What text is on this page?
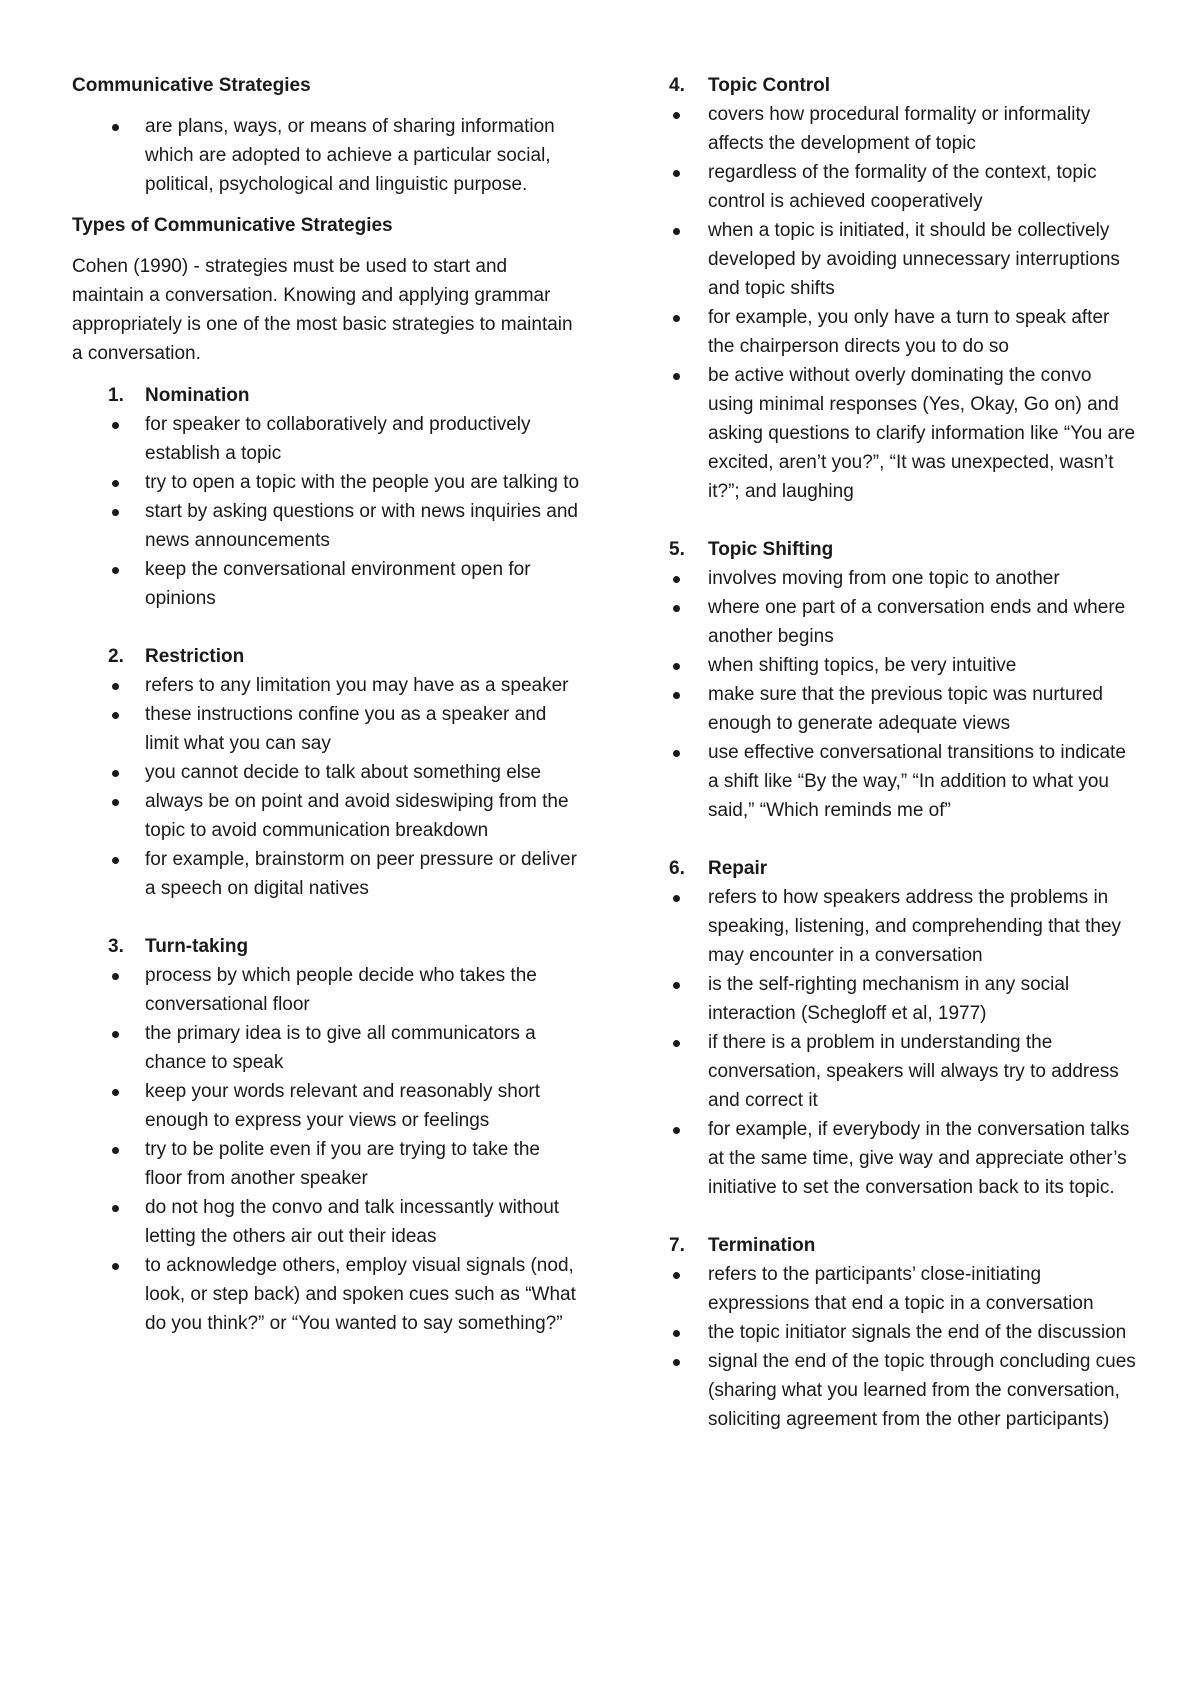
Communicative Strategies
are plans, ways, or means of sharing information which are adopted to achieve a particular social, political, psychological and linguistic purpose.
Types of Communicative Strategies
Cohen (1990) - strategies must be used to start and maintain a conversation. Knowing and applying grammar appropriately is one of the most basic strategies to maintain a conversation.
1. Nomination
for speaker to collaboratively and productively establish a topic
try to open a topic with the people you are talking to
start by asking questions or with news inquiries and news announcements
keep the conversational environment open for opinions
2. Restriction
refers to any limitation you may have as a speaker
these instructions confine you as a speaker and limit what you can say
you cannot decide to talk about something else
always be on point and avoid sideswiping from the topic to avoid communication breakdown
for example, brainstorm on peer pressure or deliver a speech on digital natives
3. Turn-taking
process by which people decide who takes the conversational floor
the primary idea is to give all communicators a chance to speak
keep your words relevant and reasonably short enough to express your views or feelings
try to be polite even if you are trying to take the floor from another speaker
do not hog the convo and talk incessantly without letting the others air out their ideas
to acknowledge others, employ visual signals (nod, look, or step back) and spoken cues such as “What do you think?” or “You wanted to say something?”
4. Topic Control
covers how procedural formality or informality affects the development of topic
regardless of the formality of the context, topic control is achieved cooperatively
when a topic is initiated, it should be collectively developed by avoiding unnecessary interruptions and topic shifts
for example, you only have a turn to speak after the chairperson directs you to do so
be active without overly dominating the convo using minimal responses (Yes, Okay, Go on) and asking questions to clarify information like “You are excited, aren’t you?”, “It was unexpected, wasn’t it?”; and laughing
5. Topic Shifting
involves moving from one topic to another
where one part of a conversation ends and where another begins
when shifting topics, be very intuitive
make sure that the previous topic was nurtured enough to generate adequate views
use effective conversational transitions to indicate a shift like “By the way,” “In addition to what you said,” “Which reminds me of”
6. Repair
refers to how speakers address the problems in speaking, listening, and comprehending that they may encounter in a conversation
is the self-righting mechanism in any social interaction (Schegloff et al, 1977)
if there is a problem in understanding the conversation, speakers will always try to address and correct it
for example, if everybody in the conversation talks at the same time, give way and appreciate other’s initiative to set the conversation back to its topic.
7. Termination
refers to the participants’ close-initiating expressions that end a topic in a conversation
the topic initiator signals the end of the discussion
signal the end of the topic through concluding cues (sharing what you learned from the conversation, soliciting agreement from the other participants)
